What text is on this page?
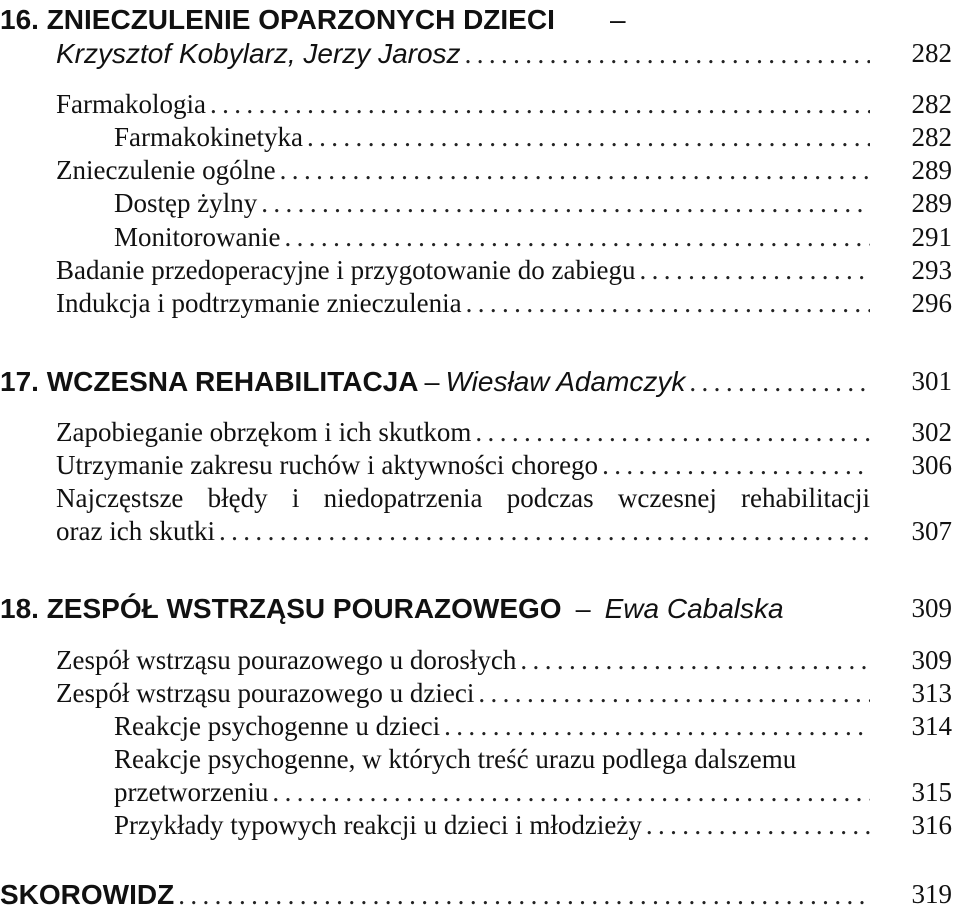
16. ZNIECZULENIE OPARZONYCH DZIECI
Krzysztof Kobylarz, Jerzy Jarosz .....	282
–
Farmakologia .....	282
Farmakokinetyka .....	282
Znieczulenie ogólne .....	289
Dostęp żylny .....	289
Monitorowanie .....	291
Badanie przedoperacyjne i przygotowanie do zabiegu .....	293
Indukcja i podtrzymanie znieczulenia .....	296
17. WCZESNA REHABILITACJA – Wiesław Adamczyk .....	301
Zapobieganie obrzękom i ich skutkom .....	302
Utrzymanie zakresu ruchów i aktywności chorego .....	306
Najczęstsze błędy i niedopatrzenia podczas wczesnej rehabilitacji
oraz ich skutki .....	307
18. ZESPÓŁ WSTRZĄSU POURAZOWEGO – Ewa Cabalska	309
Zespół wstrząsu pourazowego u dorosłych .....	309
Zespół wstrząsu pourazowego u dzieci .....	313
Reakcje psychogenne u dzieci .....	314
Reakcje psychogenne, w których treść urazu podlega dalszemu
przetworzeniu .....	315
Przykłady typowych reakcji u dzieci i młodzieży .....	316
SKOROWIDZ .....	319
